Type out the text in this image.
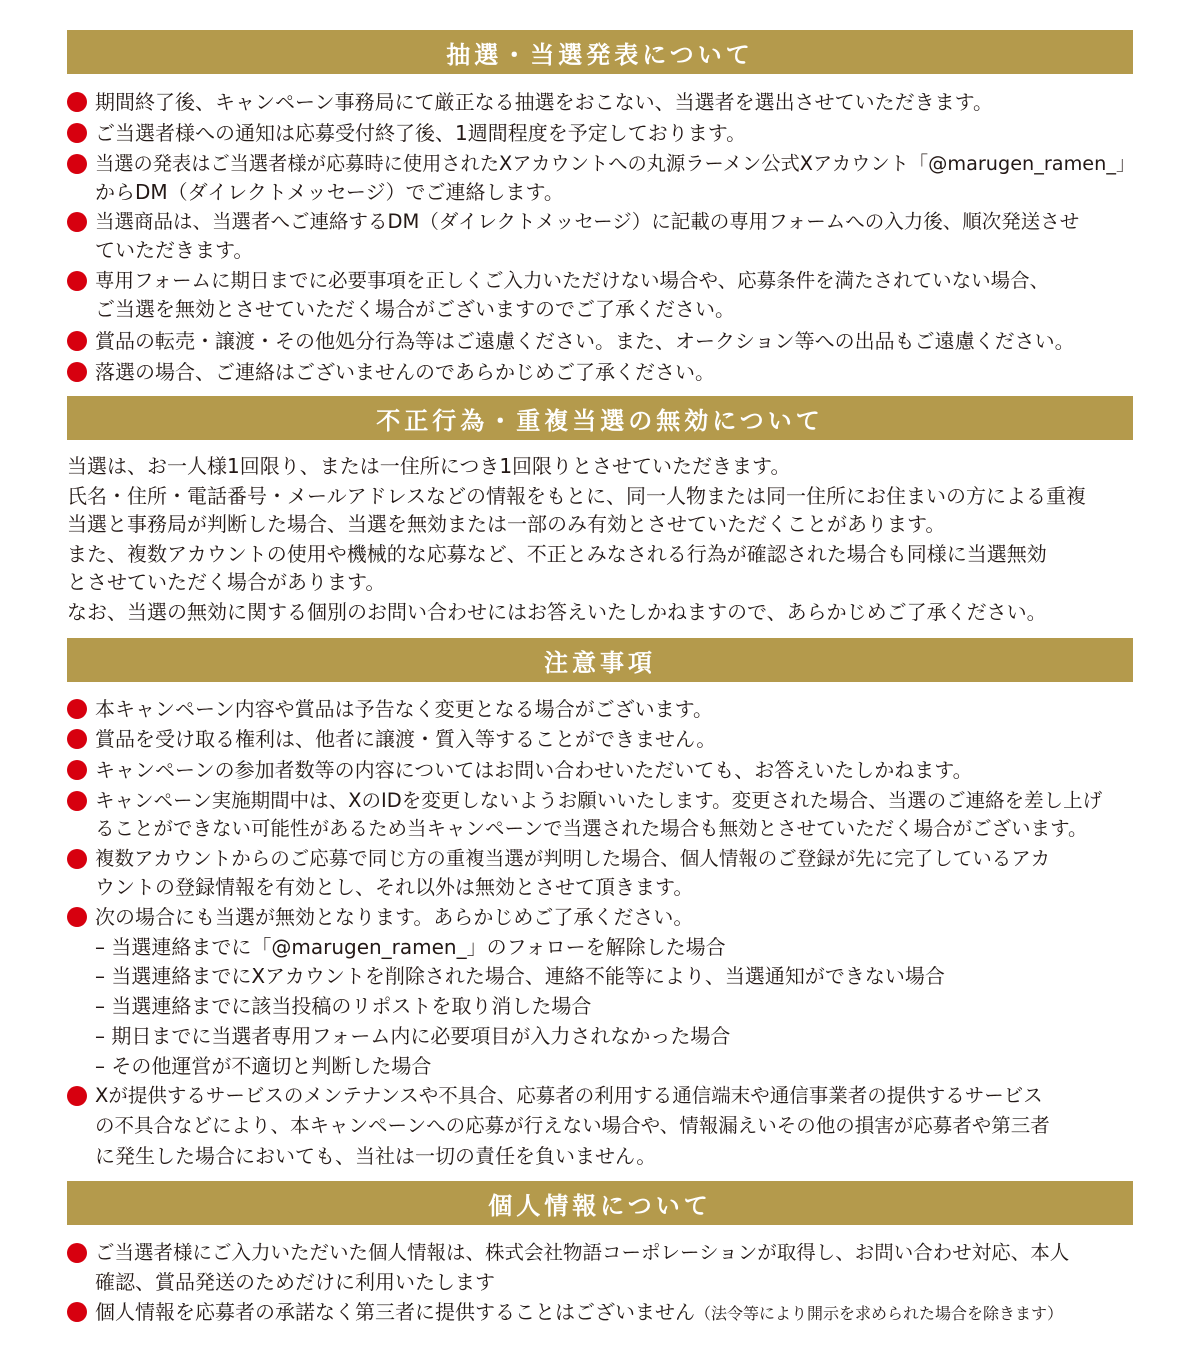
抽選・当選発表について
期間終了後、キャンペーン事務局にて厳正なる抽選をおこない、当選者を選出させていただきます。
ご当選者様への通知は応募受付終了後、1週間程度を予定しております。
当選の発表はご当選者様が応募時に使用されたXアカウントへの丸源ラーメン公式Xアカウント「@marugen_ramen_」
からDM（ダイレクトメッセージ）でご連絡します。
当選商品は、当選者へご連絡するDM（ダイレクトメッセージ）に記載の専用フォームへの入力後、順次発送させ
ていただきます。
専用フォームに期日までに必要事項を正しくご入力いただけない場合や、応募条件を満たされていない場合、
ご当選を無効とさせていただく場合がございますのでご了承ください。
賞品の転売・譲渡・その他処分行為等はご遠慮ください。また、オークション等への出品もご遠慮ください。
落選の場合、ご連絡はございませんのであらかじめご了承ください。
不正行為・重複当選の無効について
当選は、お一人様1回限り、または一住所につき1回限りとさせていただきます。
氏名・住所・電話番号・メールアドレスなどの情報をもとに、同一人物または同一住所にお住まいの方による重複
当選と事務局が判断した場合、当選を無効または一部のみ有効とさせていただくことがあります。
また、複数アカウントの使用や機械的な応募など、不正とみなされる行為が確認された場合も同様に当選無効
とさせていただく場合があります。
なお、当選の無効に関する個別のお問い合わせにはお答えいたしかねますので、あらかじめご了承ください。
注意事項
本キャンペーン内容や賞品は予告なく変更となる場合がございます。
賞品を受け取る権利は、他者に譲渡・質入等することができません。
キャンペーンの参加者数等の内容についてはお問い合わせいただいても、お答えいたしかねます。
キャンペーン実施期間中は、XのIDを変更しないようお願いいたします。変更された場合、当選のご連絡を差し上げ
ることができない可能性があるため当キャンペーンで当選された場合も無効とさせていただく場合がございます。
複数アカウントからのご応募で同じ方の重複当選が判明した場合、個人情報のご登録が先に完了しているアカ
ウントの登録情報を有効とし、それ以外は無効とさせて頂きます。
次の場合にも当選が無効となります。あらかじめご了承ください。
– 当選連絡までに「@marugen_ramen_」のフォローを解除した場合
– 当選連絡までにXアカウントを削除された場合、連絡不能等により、当選通知ができない場合
– 当選連絡までに該当投稿のリポストを取り消した場合
– 期日までに当選者専用フォーム内に必要項目が入力されなかった場合
– その他運営が不適切と判断した場合
Xが提供するサービスのメンテナンスや不具合、応募者の利用する通信端末や通信事業者の提供するサービス
の不具合などにより、本キャンペーンへの応募が行えない場合や、情報漏えいその他の損害が応募者や第三者
に発生した場合においても、当社は一切の責任を負いません。
個人情報について
ご当選者様にご入力いただいた個人情報は、株式会社物語コーポレーションが取得し、お問い合わせ対応、本人
確認、賞品発送のためだけに利用いたします
個人情報を応募者の承諾なく第三者に提供することはございません（法令等により開示を求められた場合を除きます）
